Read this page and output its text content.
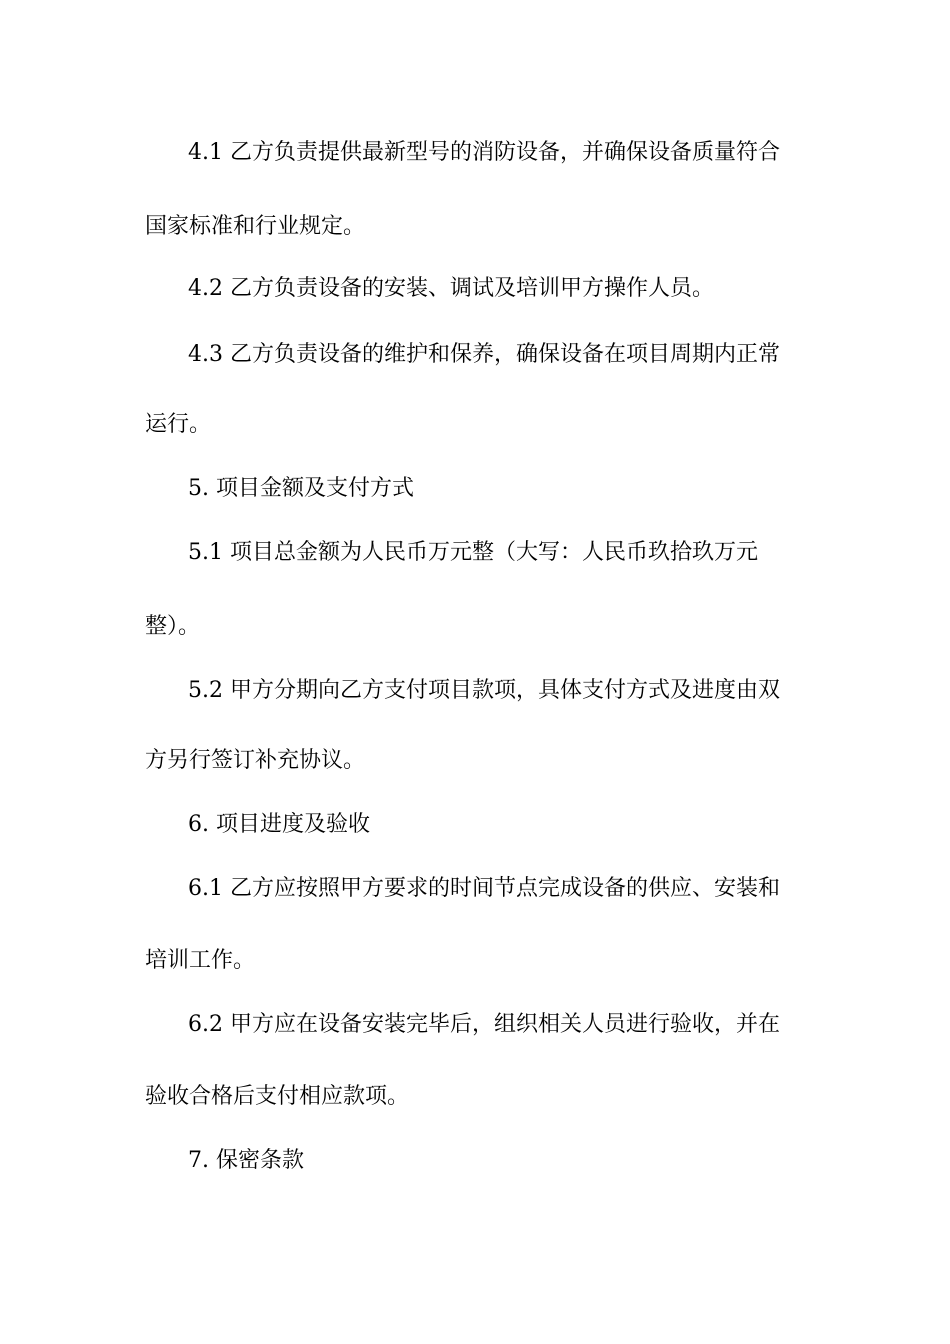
4.1 乙方负责提供最新型号的消防设备，并确保设备质量符合

国家标准和行业规定。

4.2 乙方负责设备的安装、调试及培训甲方操作人员。

4.3 乙方负责设备的维护和保养，确保设备在项目周期内正常

运行。

5. 项目金额及支付方式

5.1 项目总金额为人民币万元整（大写：人民币玖拾玖万元

整）。

5.2 甲方分期向乙方支付项目款项，具体支付方式及进度由双

方另行签订补充协议。

6. 项目进度及验收

6.1 乙方应按照甲方要求的时间节点完成设备的供应、安装和

培训工作。

6.2 甲方应在设备安装完毕后，组织相关人员进行验收，并在

验收合格后支付相应款项。

7. 保密条款
